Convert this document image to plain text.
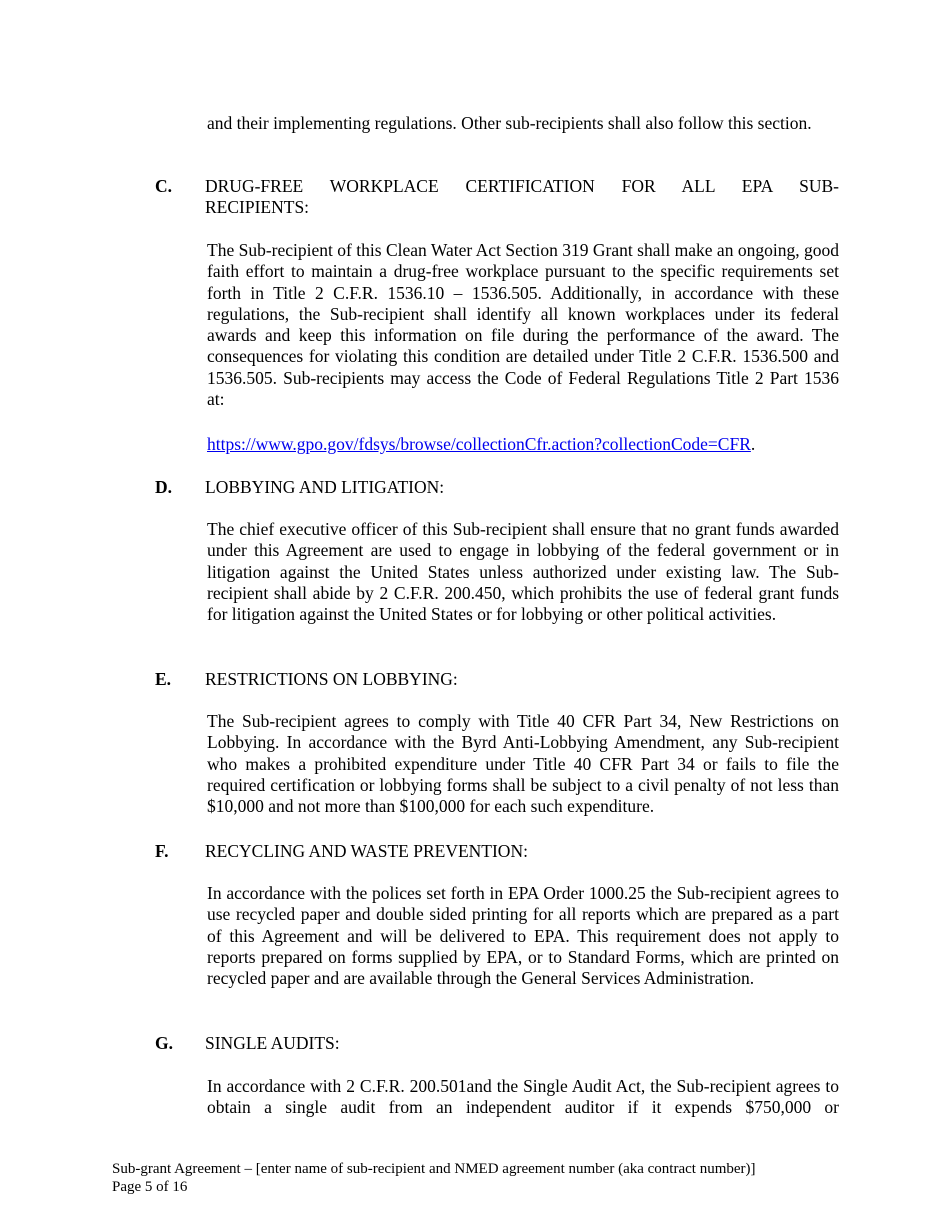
and their implementing regulations. Other sub-recipients shall also follow this section.

C. DRUG-FREE WORKPLACE CERTIFICATION FOR ALL EPA SUB-
RECIPIENTS:

The Sub-recipient of this Clean Water Act Section 319 Grant shall make an ongoing, good faith effort to maintain a drug-free workplace pursuant to the specific requirements set forth in Title 2 C.F.R. 1536.10 – 1536.505. Additionally, in accordance with these regulations, the Sub-recipient shall identify all known workplaces under its federal awards and keep this information on file during the performance of the award. The consequences for violating this condition are detailed under Title 2 C.F.R. 1536.500 and 1536.505. Sub-recipients may access the Code of Federal Regulations Title 2 Part 1536 at:

https://www.gpo.gov/fdsys/browse/collectionCfr.action?collectionCode=CFR.
D. LOBBYING AND LITIGATION:

The chief executive officer of this Sub-recipient shall ensure that no grant funds awarded under this Agreement are used to engage in lobbying of the federal government or in litigation against the United States unless authorized under existing law. The Sub-recipient shall abide by 2 C.F.R. 200.450, which prohibits the use of federal grant funds for litigation against the United States or for lobbying or other political activities.

E. RESTRICTIONS ON LOBBYING:

The Sub-recipient agrees to comply with Title 40 CFR Part 34, New Restrictions on Lobbying. In accordance with the Byrd Anti-Lobbying Amendment, any Sub-recipient who makes a prohibited expenditure under Title 40 CFR Part 34 or fails to file the required certification or lobbying forms shall be subject to a civil penalty of not less than $10,000 and not more than $100,000 for each such expenditure.

F. RECYCLING AND WASTE PREVENTION:

In accordance with the polices set forth in EPA Order 1000.25 the Sub-recipient agrees to use recycled paper and double sided printing for all reports which are prepared as a part of this Agreement and will be delivered to EPA. This requirement does not apply to reports prepared on forms supplied by EPA, or to Standard Forms, which are printed on recycled paper and are available through the General Services Administration.

G. SINGLE AUDITS:

In accordance with 2 C.F.R. 200.501and the Single Audit Act, the Sub-recipient agrees to obtain a single audit from an independent auditor if it expends $750,000 or

Sub-grant Agreement – [enter name of sub-recipient and NMED agreement number (aka contract number)]
Page 5 of 16
